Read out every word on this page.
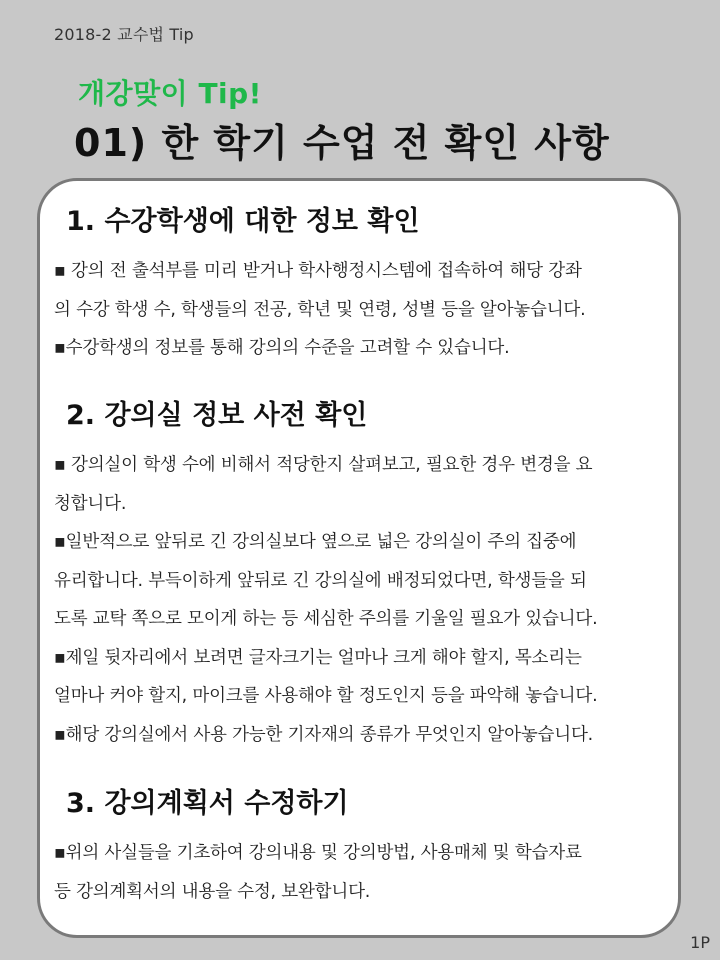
2018-2 교수법 Tip
개강맞이 Tip!
01) 한 학기 수업 전 확인 사항
1. 수강학생에 대한 정보 확인

▪ 강의 전 출석부를 미리 받거나 학사행정시스템에 접속하여 해당 강좌
의 수강 학생 수, 학생들의 전공, 학년 및 연령, 성별 등을 알아놓습니다.

▪수강학생의 정보를 통해 강의의 수준을 고려할 수 있습니다.

2. 강의실 정보 사전 확인

▪ 강의실이 학생 수에 비해서 적당한지 살펴보고, 필요한 경우 변경을 요
청합니다.

▪일반적으로 앞뒤로 긴 강의실보다 옆으로 넓은 강의실이 주의 집중에
유리합니다. 부득이하게 앞뒤로 긴 강의실에 배정되었다면, 학생들을 되
도록 교탁 쪽으로 모이게 하는 등 세심한 주의를 기울일 필요가 있습니다.

▪제일 뒷자리에서 보려면 글자크기는 얼마나 크게 해야 할지, 목소리는
얼마나 커야 할지, 마이크를 사용해야 할 정도인지 등을 파악해 놓습니다.

▪해당 강의실에서 사용 가능한 기자재의 종류가 무엇인지 알아놓습니다.

3. 강의계획서 수정하기

▪위의 사실들을 기초하여 강의내용 및 강의방법, 사용매체 및 학습자료
등 강의계획서의 내용을 수정, 보완합니다.

1P
